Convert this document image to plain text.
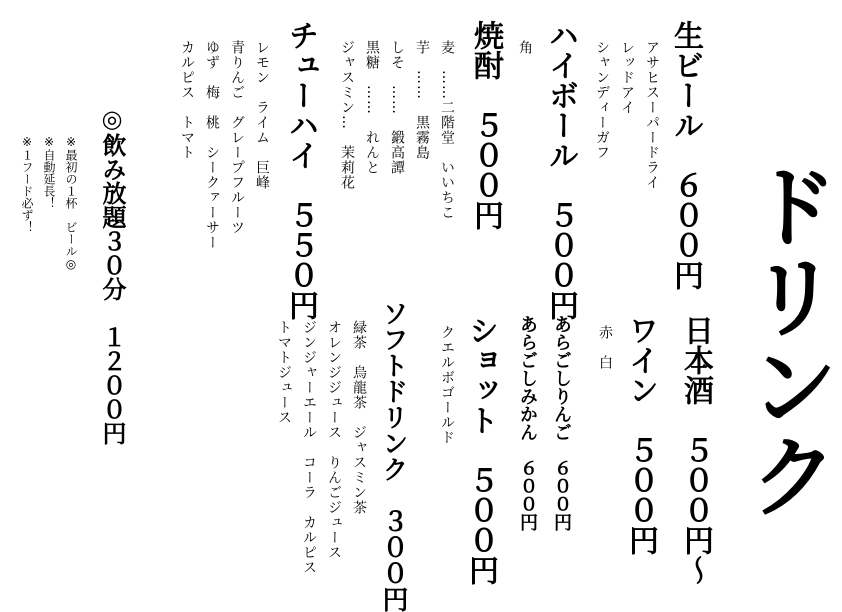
ドリンク
生ビール　６００円
アサヒスーパードライ
レッドアイ
シャンディーガフ
ハイボール　５００円
角
焼酎　５００円
麦　……二階堂　いいちこ
芋　……　黒霧島
しそ　……　鍛高譚
黒糖　……　れんと
ジャスミン…　茉莉花
チューハイ　５５０円
レモン　ライム　巨峰
青りんご　グレープフルーツ
ゆず　梅　桃　シークァーサー
カルピス　トマト
◎飲み放題３０分　１２００円
※最初の１杯　ビール◎
※自動延長！
※１フード必ず！
日本酒　５００円〜
ワイン　５００円
赤　白
あらごしりんご　６００円
あらごしみかん　６００円
ショット　５００円
クエルボゴールド
ソフトドリンク　３００円
緑茶　烏龍茶　ジャスミン茶
オレンジジュース　りんごジュース
ジンジャーエール　コーラ　カルピス
トマトジュース
